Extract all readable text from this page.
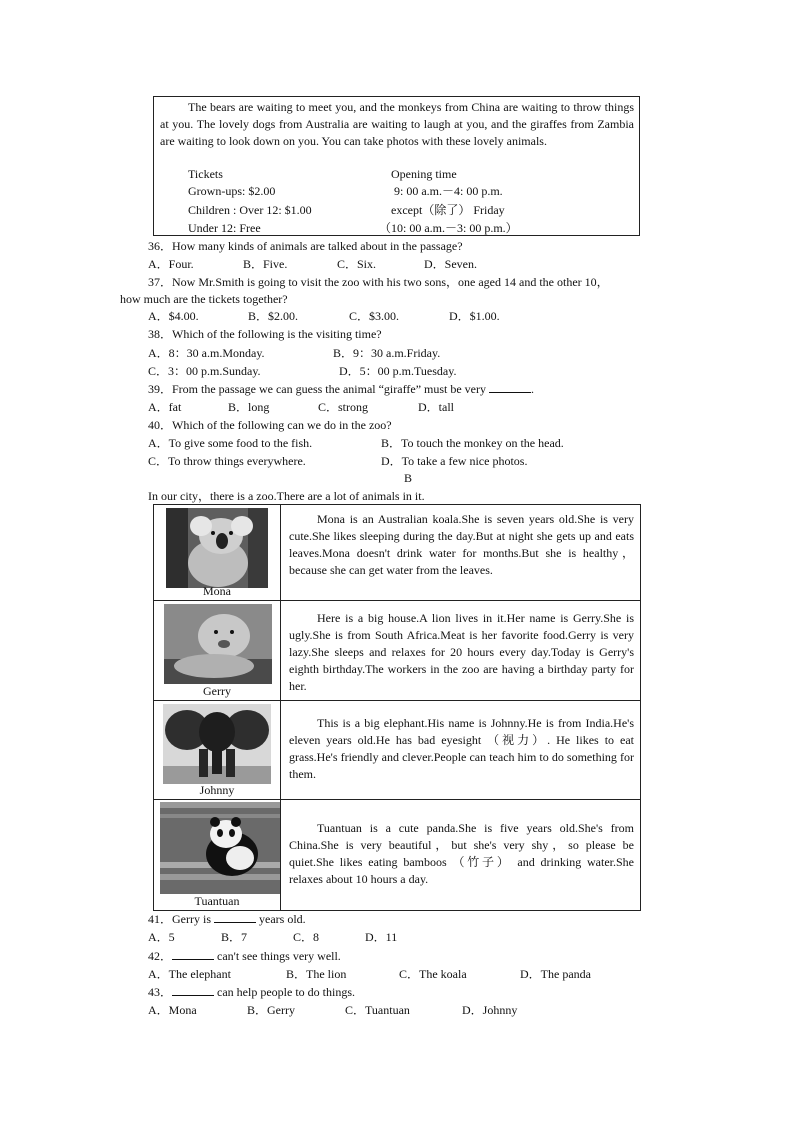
The bears are waiting to meet you, and the monkeys from China are waiting to throw things at you. The lovely dogs from Australia are waiting to laugh at you, and the giraffes from Zambia are waiting to look down on you. You can take photos with these lovely animals.
Tickets	Opening time
Grown-ups: $2.00	9: 00 a.m.－4: 00 p.m.
Children : Over 12: $1.00	except（除了） Friday
Under 12: Free	（10: 00 a.m.－3: 00 p.m.）
36．How many kinds of animals are talked about in the passage?
A．Four.	B．Five.	C．Six.	D．Seven.
37．Now Mr.Smith is going to visit the zoo with his two sons，one aged 14 and the other 10，
how much are the tickets together?
A．$4.00.	B．$2.00.	C．$3.00.	D．$1.00.
38．Which of the following is the visiting time?
A．8：30 a.m.Monday.	B．9：30 a.m.Friday.
C．3：00 p.m.Sunday.	D．5：00 p.m.Tuesday.
39．From the passage we can guess the animal “giraffe” must be very	.
A．fat	B．long	C．strong	D．tall
40．Which of the following can we do in the zoo?
A．To give some food to the fish.	B．To touch the monkey on the head.
C．To throw things everywhere.	D．To take a few nice photos.
B
In our city，there is a zoo.There are a lot of animals in it.
Mona	Mona is an Australian koala.She is seven years old.She is very cute.She likes sleeping during the day.But at night she gets up and eats leaves.Mona doesn't drink water for months.But she is healthy，because she can get water from the leaves.

Gerry	Here is a big house.A lion lives in it.Her name is Gerry.She is ugly.She is from South Africa.Meat is her favorite food.Gerry is very lazy.She sleeps and relaxes for 20 hours every day.Today is Gerry's eighth birthday.The workers in the zoo are having a birthday party for her.

Johnny	This is a big elephant.His name is Johnny.He is from India.He's eleven years old.He has bad eyesight （视力）. He likes to eat grass.He's friendly and clever.People can teach him to do something for them.

Tuantuan	Tuantuan is a cute panda.She is five years old.She's from China.She is very beautiful，but she's very shy，so please be quiet.She likes eating bamboos （竹子） and drinking water.She relaxes about 10 hours a day.
41．Gerry is	years old.
A．5	B．7	C．8	D．11
42．	can't see things very well.
A．The elephant	B．The lion	C．The koala	D．The panda
43．	can help people to do things.
A．Mona	B．Gerry	C．Tuantuan	D．Johnny
